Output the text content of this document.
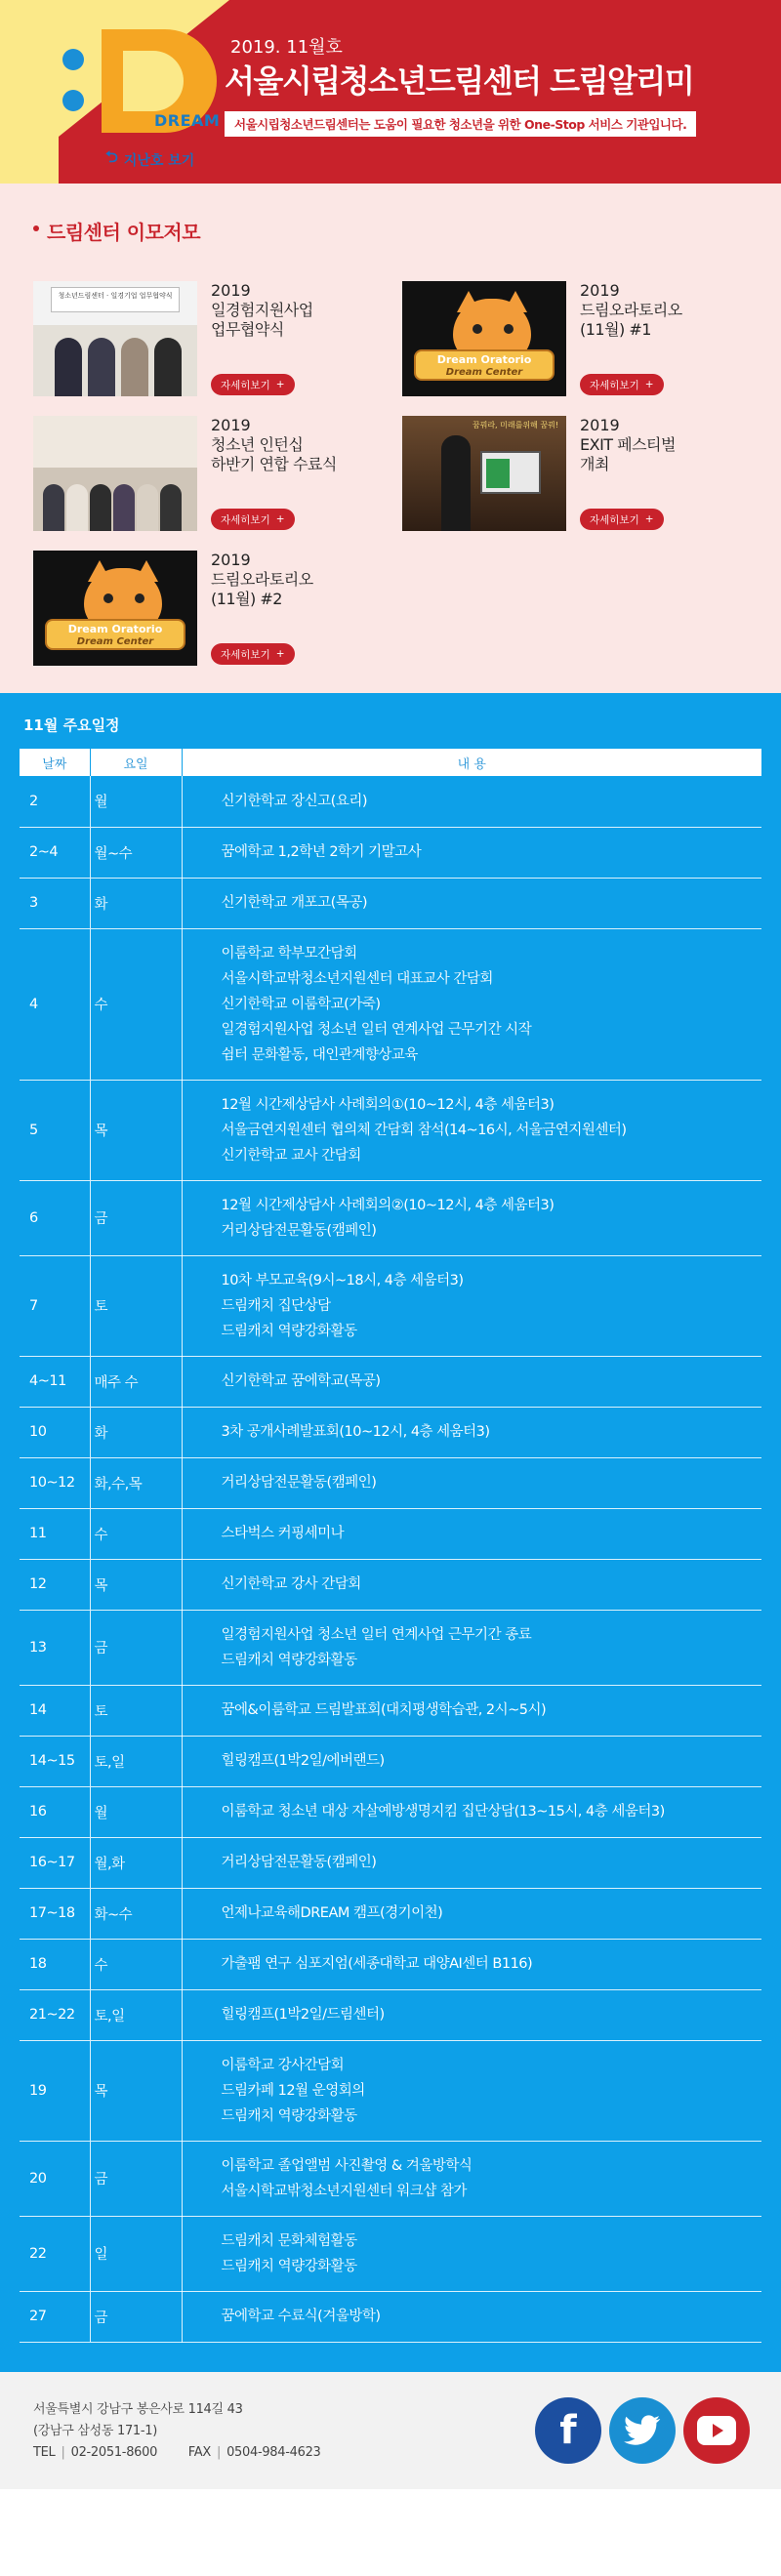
DREAM
⮌ 지난호 보기
2019. 11월호
서울시립청소년드림센터 드림알리미
서울시립청소년드림센터는 도움이 필요한 청소년을 위한 One-Stop 서비스 기관입니다.
드림센터 이모저모
청소년드림센터 · 일경기업 업무협약식	2019
일경험지원사업
업무협약식
자세히보기 +
Dream Oratorio
Dream Center
2019
드림오라토리오
(11월) #1
자세히보기 +
2019
청소년 인턴십
하반기 연합 수료식
자세히보기 +
꿈꿔라, 미래를위해 꿈꿔! 2019
EXIT 페스티벌
개최
자세히보기 +
Dream Oratorio
Dream Center
2019
드림오라토리오
(11월) #2
자세히보기 +
11월 주요일정
날짜	요일	내 용
2	월	신기한학교 장신고(요리)

2~4	월~수	꿈에학교 1,2학년 2학기 기말고사

3	화	신기한학교 개포고(목공)

4	수	이룸학교 학부모간담회
서울시학교밖청소년지원센터 대표교사 간담회
신기한학교 이룸학교(가죽)
일경험지원사업 청소년 일터 연계사업 근무기간 시작
쉼터 문화활동, 대인관계향상교육

5	목	12월 시간제상담사 사례회의①(10~12시, 4층 세움터3)
서울금연지원센터 협의체 간담회 참석(14~16시, 서울금연지원센터)
신기한학교 교사 간담회

6	금	12월 시간제상담사 사례회의②(10~12시, 4층 세움터3)
거리상담전문활동(캠페인)

7	토	10차 부모교육(9시~18시, 4층 세움터3)
드림캐치 집단상담
드림캐치 역량강화활동

4~11	매주 수	신기한학교 꿈에학교(목공)

10	화	3차 공개사례발표회(10~12시, 4층 세움터3)

10~12	화,수,목	거리상담전문활동(캠페인)

11	수	스타벅스 커핑세미나

12	목	신기한학교 강사 간담회

13	금	일경험지원사업 청소년 일터 연계사업 근무기간 종료
드림캐치 역량강화활동

14	토	꿈에&이룸학교 드림발표회(대치평생학습관, 2시~5시)

14~15	토,일	힐링캠프(1박2일/에버랜드)

16	월	이룸학교 청소년 대상 자살예방생명지킴 집단상담(13~15시, 4층 세움터3)

16~17	월,화	거리상담전문활동(캠페인)

17~18	화~수	언제나교육해DREAM 캠프(경기이천)

18	수	가출팸 연구 심포지엄(세종대학교 대양AI센터 B116)

21~22	토,일	힐링캠프(1박2일/드림센터)

19	목	이룸학교 강사간담회
드림카페 12월 운영회의
드림캐치 역량강화활동

20	금	이룸학교 졸업앨범 사진촬영 & 겨울방학식
서울시학교밖청소년지원센터 워크샵 참가

22	일	드림캐치 문화체험활동
드림캐치 역량강화활동

27	금	꿈에학교 수료식(겨울방학)
서울특별시 강남구 봉은사로 114길 43
(강남구 삼성동 171-1)
TEL | 02-2051-8600 FAX | 0504-984-4623	f
